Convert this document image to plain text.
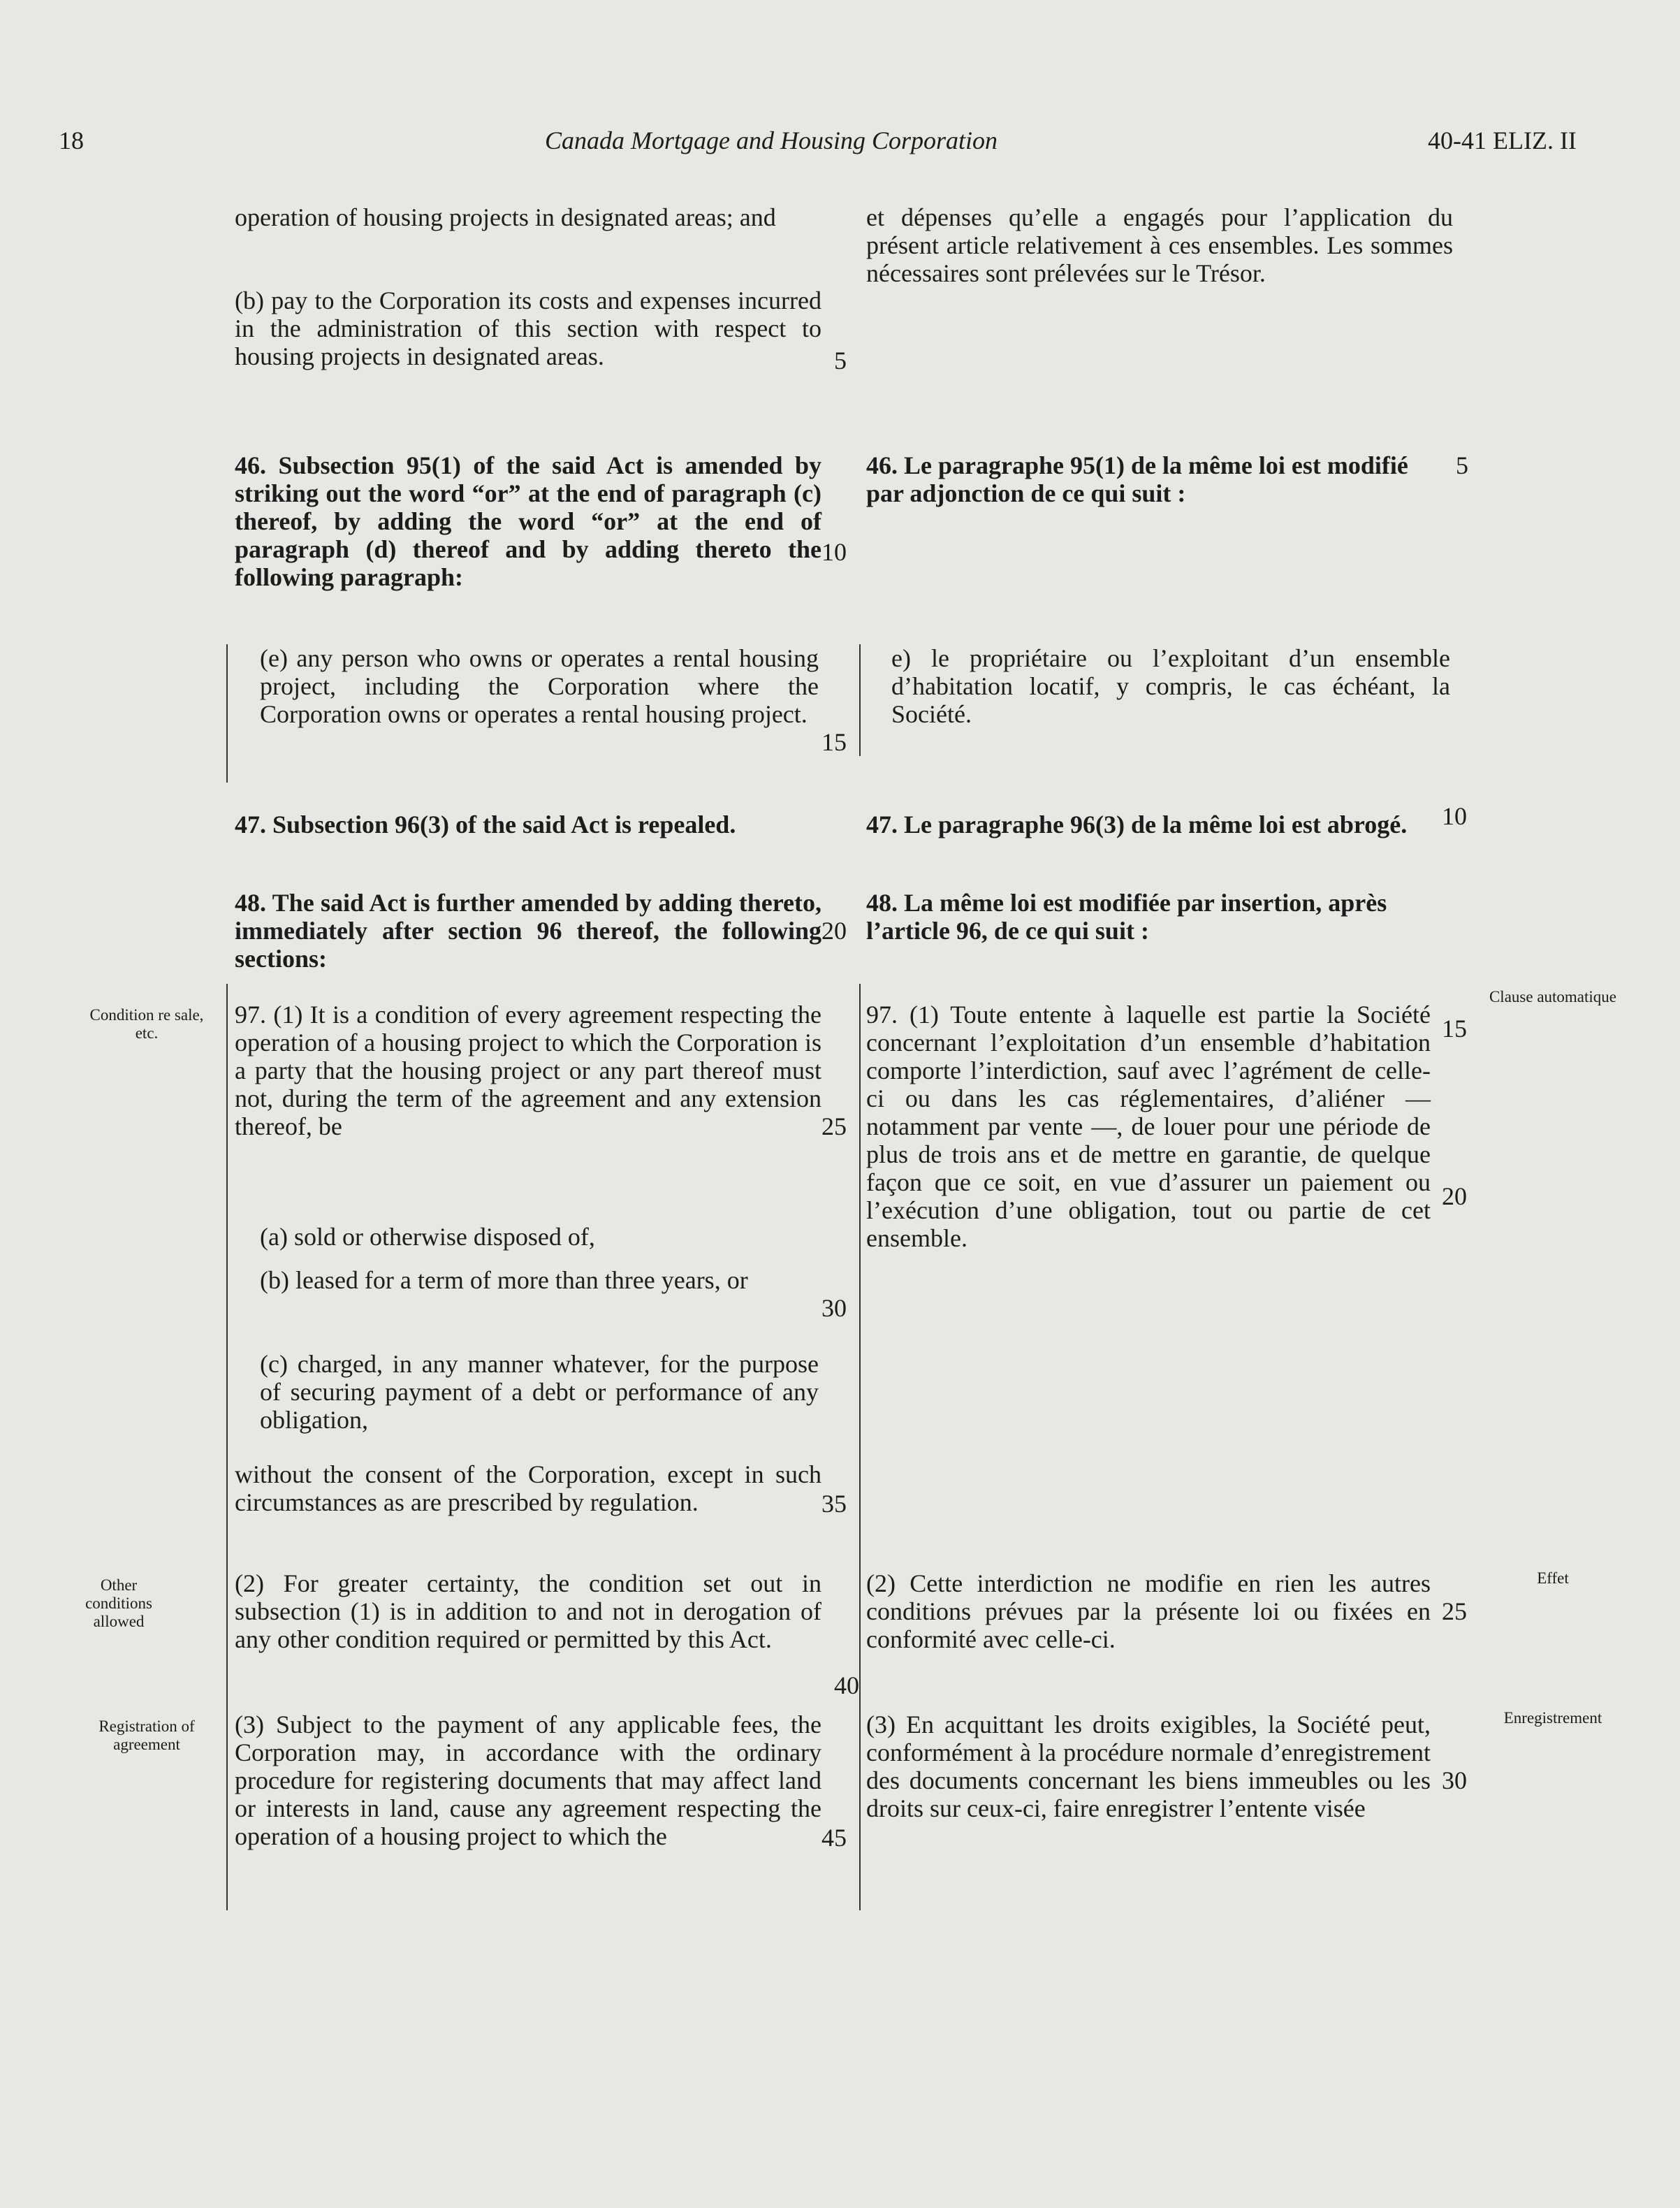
18	Canada Mortgage and Housing Corporation	40-41 ELIZ. II

operation of housing projects in designated areas; and

(b) pay to the Corporation its costs and expenses incurred in the administration of this section with respect to housing projects in designated areas.

46. Subsection 95(1) of the said Act is amended by striking out the word “or” at the end of paragraph (c) thereof, by adding the word “or” at the end of paragraph (d) thereof and by adding thereto the following paragraph:

(e) any person who owns or operates a rental housing project, including the Corporation where the Corporation owns or operates a rental housing project.

47. Subsection 96(3) of the said Act is repealed.

48. The said Act is further amended by adding thereto, immediately after section 96 thereof, the following sections:

97. (1) It is a condition of every agreement respecting the operation of a housing project to which the Corporation is a party that the housing project or any part thereof must not, during the term of the agreement and any extension thereof, be

(a) sold or otherwise disposed of,

(b) leased for a term of more than three years, or

(c) charged, in any manner whatever, for the purpose of securing payment of a debt or performance of any obligation,

without the consent of the Corporation, except in such circumstances as are prescribed by regulation.

(2) For greater certainty, the condition set out in subsection (1) is in addition to and not in derogation of any other condition required or permitted by this Act.

(3) Subject to the payment of any applicable fees, the Corporation may, in accordance with the ordinary procedure for registering documents that may affect land or interests in land, cause any agreement respecting the operation of a housing project to which the

5
10
15
20
25
30
35
40
45

et dépenses qu’elle a engagés pour l’application du présent article relativement à ces ensembles. Les sommes nécessaires sont prélevées sur le Trésor.

46. Le paragraphe 95(1) de la même loi est modifié par adjonction de ce qui suit :

e) le propriétaire ou l’exploitant d’un ensemble d’habitation locatif, y compris, le cas échéant, la Société.

47. Le paragraphe 96(3) de la même loi est abrogé.

48. La même loi est modifiée par insertion, après l’article 96, de ce qui suit :

97. (1) Toute entente à laquelle est partie la Société concernant l’exploitation d’un ensemble d’habitation comporte l’interdiction, sauf avec l’agrément de celle-ci ou dans les cas réglementaires, d’aliéner — notamment par vente —, de louer pour une période de plus de trois ans et de mettre en garantie, de quelque façon que ce soit, en vue d’assurer un paiement ou l’exécution d’une obligation, tout ou partie de cet ensemble.

(2) Cette interdiction ne modifie en rien les autres conditions prévues par la présente loi ou fixées en conformité avec celle-ci.

(3) En acquittant les droits exigibles, la Société peut, conformément à la procédure normale d’enregistrement des documents concernant les biens immeubles ou les droits sur ceux-ci, faire enregistrer l’entente visée

5
10
15
20
25
30
Condition re sale, etc.
Other conditions allowed
Registration of agreement
Clause automatique
Effet
Enregistrement
